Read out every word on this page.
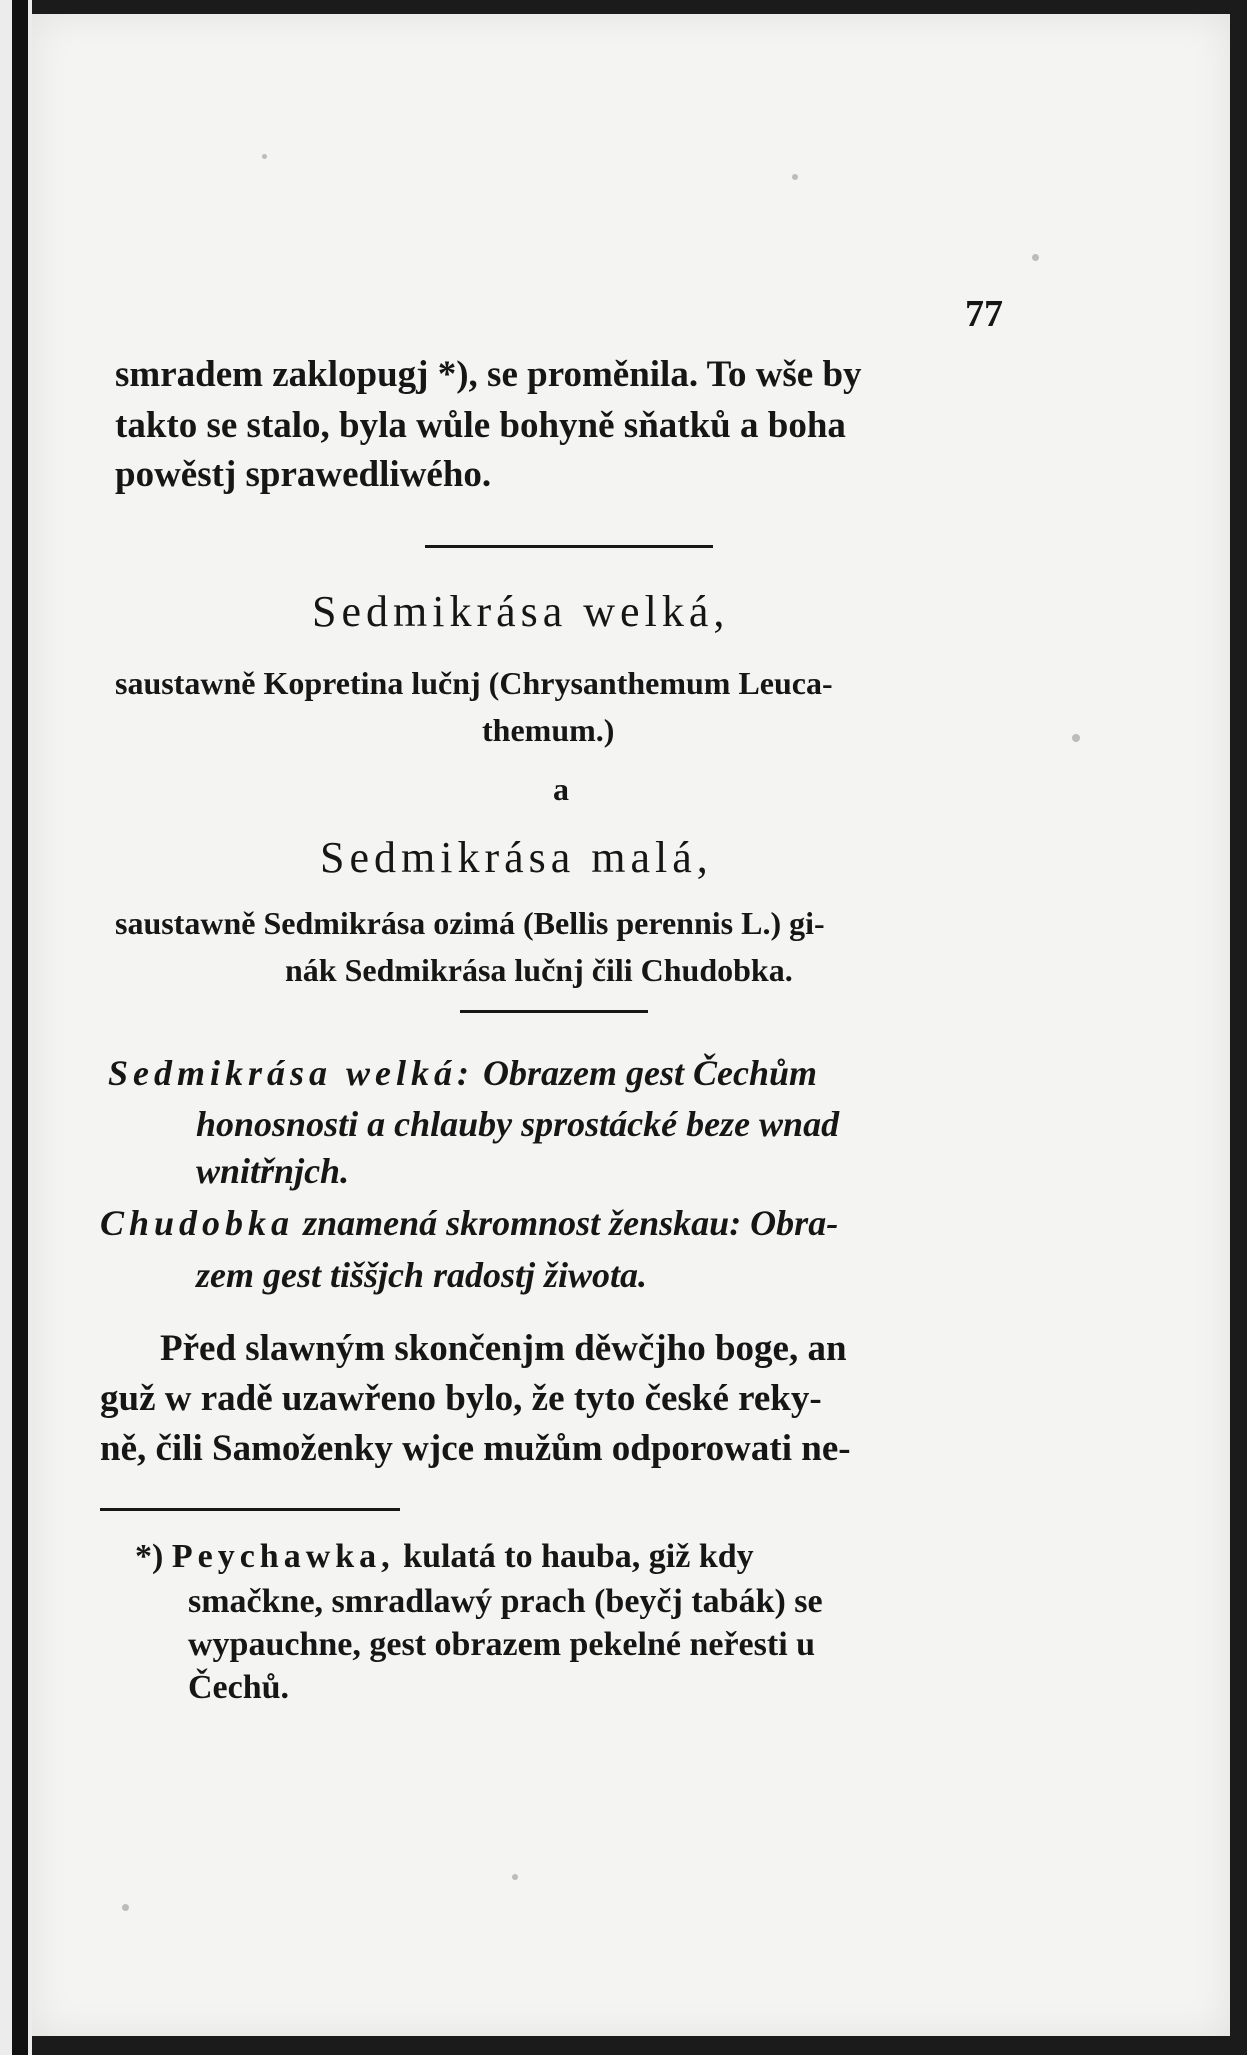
77
smradem zaklopugj *), se proměnila. To wše by
takto se stalo, byla wůle bohyně sňatků a boha
powěstj sprawedliwého.
Sedmikrása welká,
saustawně Kopretina lučnj (Chrysanthemum Leuca-
themum.)
a
Sedmikrása malá,
saustawně Sedmikrása ozimá (Bellis perennis L.) gi-
nák Sedmikrása lučnj čili Chudobka.
Sedmikrása welká: Obrazem gest Čechům
honosnosti a chlauby sprostácké beze wnad
wnitřnjch.
Chudobka znamená skromnost ženskau: Obra-
zem gest tiššjch radostj žiwota.
Před slawným skončenjm děwčjho boge, an
guž w radě uzawřeno bylo, že tyto české reky-
ně, čili Samoženky wjce mužům odporowati ne-
*) Peychawka, kulatá to hauba, giž kdy
smačkne, smradlawý prach (beyčj tabák) se
wypauchne, gest obrazem pekelné neřesti u
Čechů.
